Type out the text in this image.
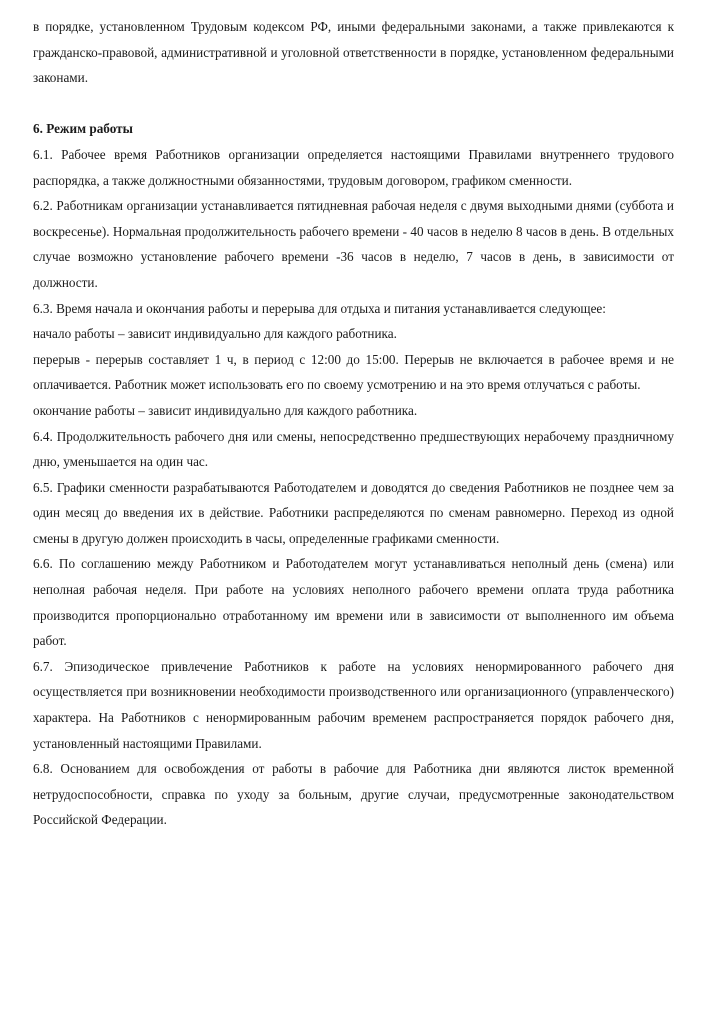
в порядке, установленном Трудовым кодексом РФ, иными федеральными законами, а также привлекаются к гражданско-правовой, административной и уголовной ответственности в порядке, установленном федеральными законами.

6. Режим работы

6.1. Рабочее время Работников организации определяется настоящими Правилами внутреннего трудового распорядка, а также должностными обязанностями, трудовым договором, графиком сменности.

6.2. Работникам организации устанавливается пятидневная рабочая неделя с двумя выходными днями (суббота и воскресенье). Нормальная продолжительность рабочего времени - 40 часов в неделю 8 часов в день. В отдельных случае возможно установление рабочего времени -36 часов в неделю, 7 часов в день, в зависимости от должности.

6.3. Время начала и окончания работы и перерыва для отдыха и питания устанавливается следующее:

начало работы – зависит индивидуально для каждого работника.

перерыв - перерыв составляет 1 ч, в период с 12:00 до 15:00. Перерыв не включается в рабочее время и не оплачивается. Работник может использовать его по своему усмотрению и на это время отлучаться с работы.

окончание работы – зависит индивидуально для каждого работника.

6.4. Продолжительность рабочего дня или смены, непосредственно предшествующих нерабочему праздничному дню, уменьшается на один час.

6.5. Графики сменности разрабатываются Работодателем и доводятся до сведения Работников не позднее чем за один месяц до введения их в действие. Работники распределяются по сменам равномерно. Переход из одной смены в другую должен происходить в часы, определенные графиками сменности.

6.6. По соглашению между Работником и Работодателем могут устанавливаться неполный день (смена) или неполная рабочая неделя. При работе на условиях неполного рабочего времени оплата труда работника производится пропорционально отработанному им времени или в зависимости от выполненного им объема работ.

6.7. Эпизодическое привлечение Работников к работе на условиях ненормированного рабочего дня осуществляется при возникновении необходимости производственного или организационного (управленческого) характера. На Работников с ненормированным рабочим временем распространяется порядок рабочего дня, установленный настоящими Правилами.

6.8. Основанием для освобождения от работы в рабочие для Работника дни являются листок временной нетрудоспособности, справка по уходу за больным, другие случаи, предусмотренные законодательством Российской Федерации.
